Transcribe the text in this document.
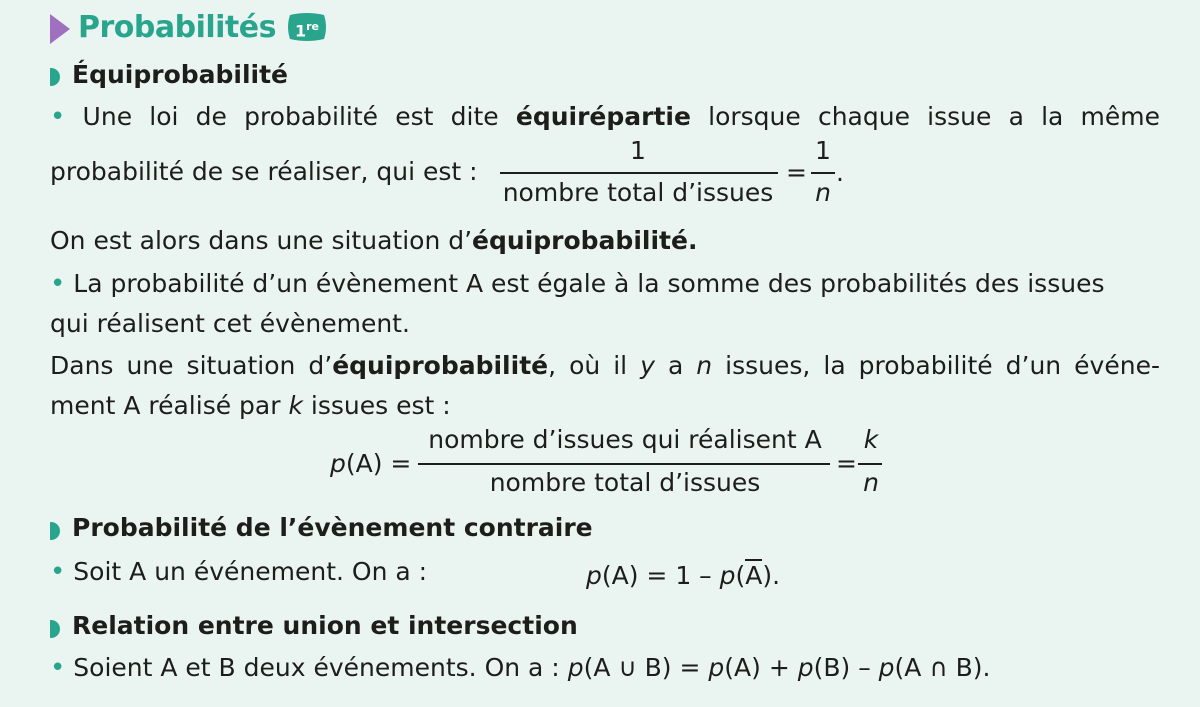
Probabilités	1re
Équiprobabilité
• Une loi de probabilité est dite équirépartie lorsque chaque issue a la même
probabilité de se réaliser, qui est :
1
nombre total d’issues
=
1
n
.
On est alors dans une situation d’équiprobabilité.
• La probabilité d’un évènement A est égale à la somme des probabilités des issues
qui réalisent cet évènement.
Dans une situation d’équiprobabilité, où il y a n issues, la probabilité d’un événe-
ment A réalisé par k issues est :
p(A) =
nombre d’issues qui réalisent A
nombre total d’issues
=
k
n
Probabilité de l’évènement contraire
• Soit A un événement. On a :	p(A) = 1 – p(A).
Relation entre union et intersection
• Soient A et B deux événements. On a : p(A ∪ B) = p(A) + p(B) – p(A ∩ B).
